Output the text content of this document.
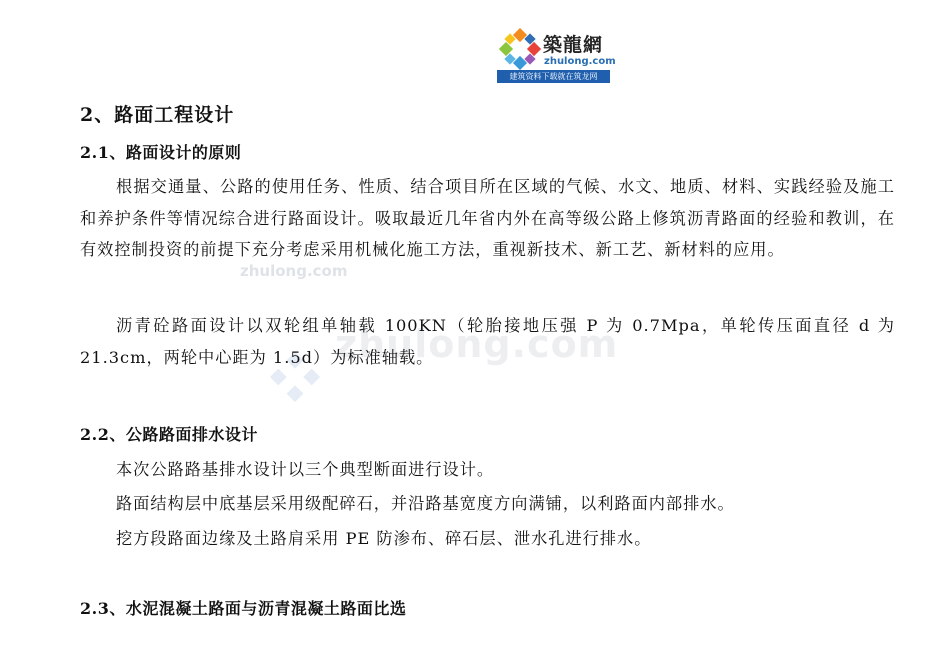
築龍網
zhulong.com
建筑资料下载就在筑龙网
zhulong.com
zhulong.com
2、路面工程设计
2.1、路面设计的原则
根据交通量、公路的使用任务、性质、结合项目所在区域的气候、水文、地质、材料、实践经验及施工和养护条件等情况综合进行路面设计。吸取最近几年省内外在高等级公路上修筑沥青路面的经验和教训，在有效控制投资的前提下充分考虑采用机械化施工方法，重视新技术、新工艺、新材料的应用。
沥青砼路面设计以双轮组单轴载 100KN（轮胎接地压强 P 为 0.7Mpa，单轮传压面直径 d 为 21.3cm，两轮中心距为 1.5d）为标准轴载。
2.2、公路路面排水设计
本次公路路基排水设计以三个典型断面进行设计。
路面结构层中底基层采用级配碎石，并沿路基宽度方向满铺，以利路面内部排水。
挖方段路面边缘及土路肩采用 PE 防渗布、碎石层、泄水孔进行排水。
2.3、水泥混凝土路面与沥青混凝土路面比选
